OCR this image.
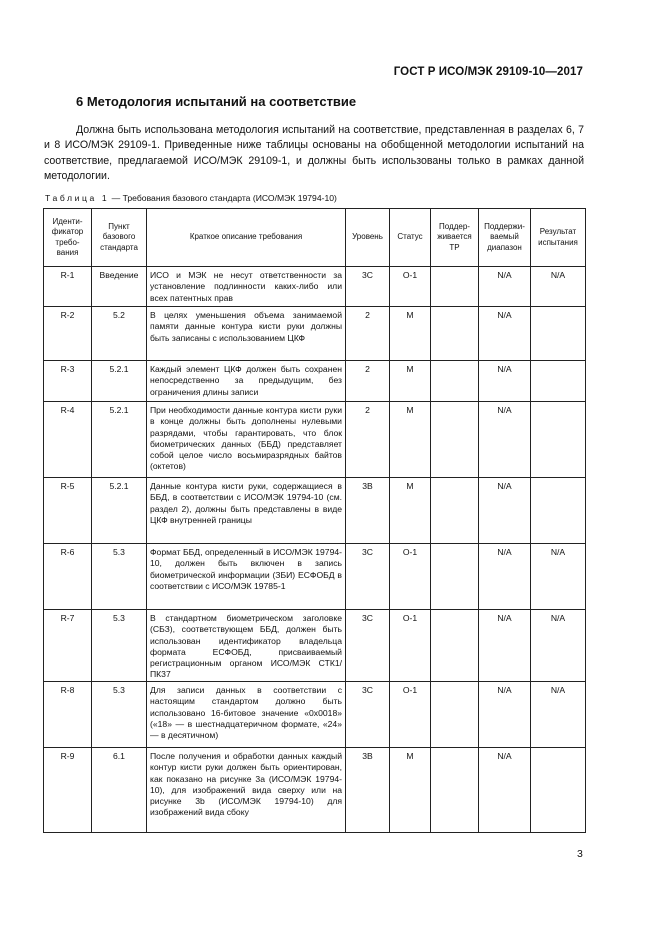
ГОСТ Р ИСО/МЭК 29109-10—2017
6 Методология испытаний на соответствие
Должна быть использована методология испытаний на соответствие, представленная в разделах 6, 7 и 8 ИСО/МЭК 29109-1. Приведенные ниже таблицы основаны на обобщенной методологии испытаний на соответствие, предлагаемой ИСО/МЭК 29109-1, и должны быть использованы только в рамках данной методологии.
Таблица 1 — Требования базового стандарта (ИСО/МЭК 19794-10)
Иденти-фикатор требо-вания	Пункт базового стандарта	Краткое описание требования	Уровень	Статус	Поддер-живается ТР	Поддержи-ваемый диапазон	Результат испытания
R-1	Введение	ИСО и МЭК не несут ответственности за установление подлинности каких-либо или всех патентных прав	3С	О-1		N/A	N/A
R-2	5.2	В целях уменьшения объема занимаемой памяти данные контура кисти руки должны быть записаны с использованием ЦКФ	2	М		N/A	
R-3	5.2.1	Каждый элемент ЦКФ должен быть сохранен непосредственно за предыдущим, без ограничения длины записи	2	М		N/A	
R-4	5.2.1	При необходимости данные контура кисти руки в конце должны быть дополнены нулевыми разрядами, чтобы гарантировать, что блок биометрических данных (ББД) представляет собой целое число восьмиразрядных байтов (октетов)	2	М		N/A	
R-5	5.2.1	Данные контура кисти руки, содержащиеся в ББД, в соответствии с ИСО/МЭК 19794-10 (см. раздел 2), должны быть представлены в виде ЦКФ внутренней границы	3В	М		N/A	
R-6	5.3	Формат ББД, определенный в ИСО/МЭК 19794-10, должен быть включен в запись биометрической информации (ЗБИ) ЕСФОБД в соответствии с ИСО/МЭК 19785-1	3С	О-1		N/A	N/A
R-7	5.3	В стандартном биометрическом заголовке (СБЗ), соответствующем ББД, должен быть использован идентификатор владельца формата ЕСФОБД, присваиваемый регистрационным органом ИСО/МЭК СТК1/ПК37	3С	О-1		N/A	N/A
R-8	5.3	Для записи данных в соответствии с настоящим стандартом должно быть использовано 16-битовое значение «0x0018» («18» — в шестнадцатеричном формате, «24» — в десятичном)	3С	О-1		N/A	N/A
R-9	6.1	После получения и обработки данных каждый контур кисти руки должен быть ориентирован, как показано на рисунке 3а (ИСО/МЭК 19794-10), для изображений вида сверху или на рисунке 3b (ИСО/МЭК 19794-10) для изображений вида сбоку	3В	М		N/A	
3
